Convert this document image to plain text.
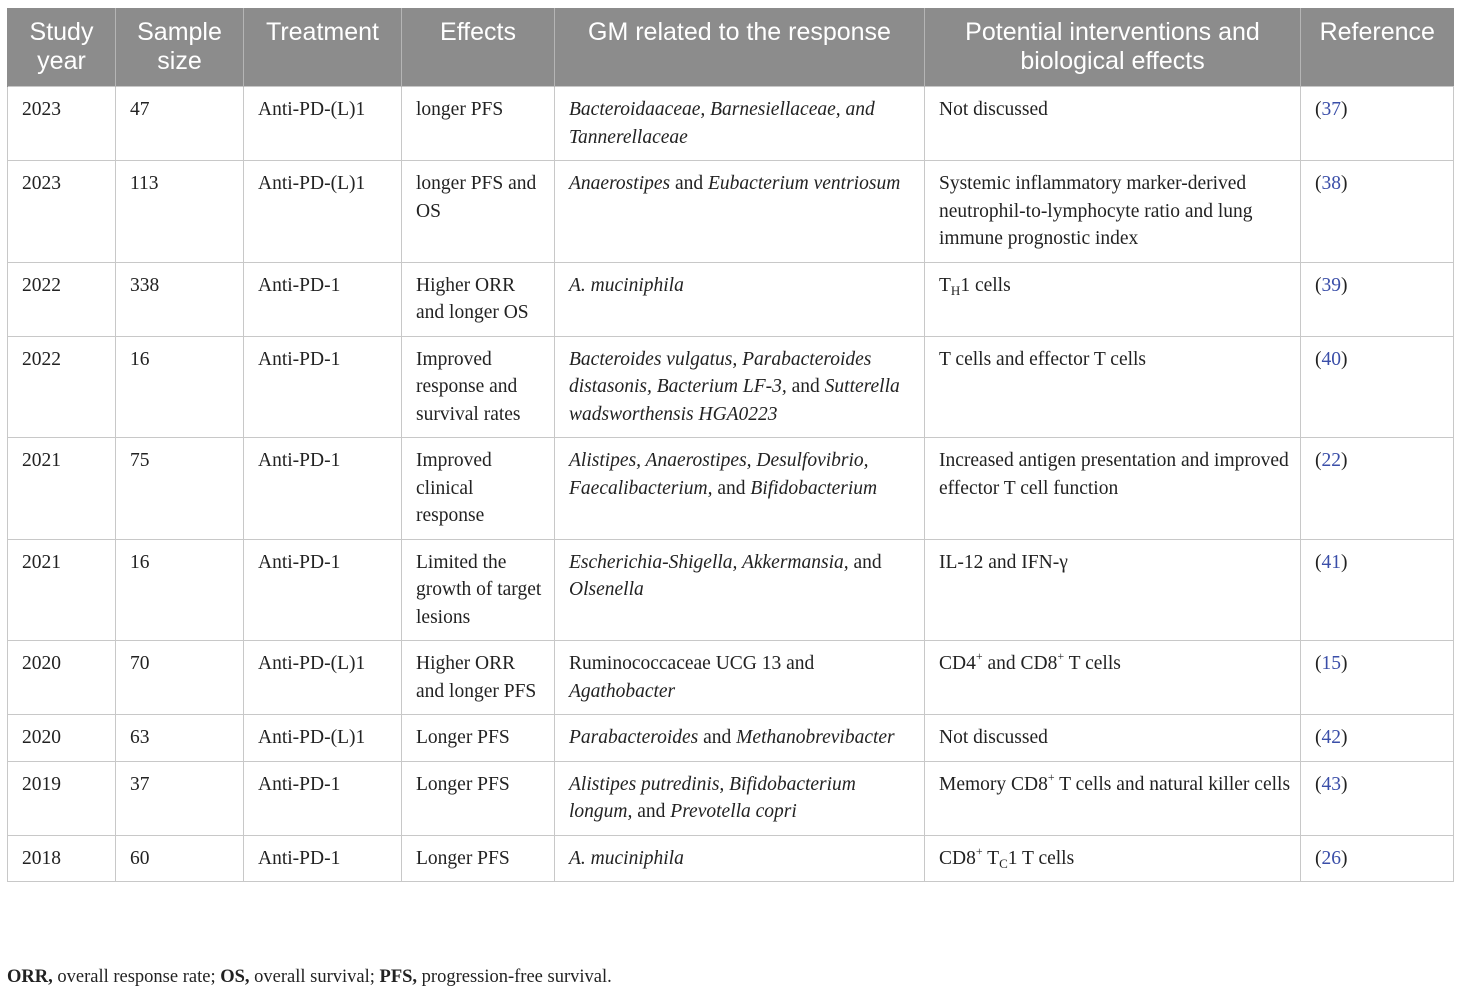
Study year	Sample size	Treatment	Effects	GM related to the response	Potential interventions and biological effects	Reference
2023	47	Anti-PD-(L)1	longer PFS	Bacteroidaaceae, Barnesiellaceae, and Tannerellaceae	Not discussed	(37)
2023	113	Anti-PD-(L)1	longer PFS and OS	Anaerostipes and Eubacterium ventriosum	Systemic inflammatory marker-derived neutrophil-to-lymphocyte ratio and lung immune prognostic index	(38)
2022	338	Anti-PD-1	Higher ORR and longer OS	A. muciniphila	$T_H1$ cells	(39)
2022	16	Anti-PD-1	Improved response and survival rates	Bacteroides vulgatus, Parabacteroides distasonis, Bacterium LF-3, and Sutterella wadsworthensis HGA0223	T cells and effector T cells	(40)
2021	75	Anti-PD-1	Improved clinical response	Alistipes, Anaerostipes, Desulfovibrio, Faecalibacterium, and Bifidobacterium	Increased antigen presentation and improved effector T cell function	(22)
2021	16	Anti-PD-1	Limited the growth of target lesions	Escherichia-Shigella, Akkermansia, and Olsenella	IL-12 and IFN-γ	(41)
2020	70	Anti-PD-(L)1	Higher ORR and longer PFS	Ruminococcaceae UCG 13 and Agathobacter	CD4+ and CD8+ T cells	(15)
2020	63	Anti-PD-(L)1	Longer PFS	Parabacteroides and Methanobrevibacter	Not discussed	(42)
2019	37	Anti-PD-1	Longer PFS	Alistipes putredinis, Bifidobacterium longum, and Prevotella copri	Memory CD8+ T cells and natural killer cells	(43)
2018	60	Anti-PD-1	Longer PFS	A. muciniphila	CD8+ $T_C1$ T cells	(26)
ORR, overall response rate; OS, overall survival; PFS, progression-free survival.
